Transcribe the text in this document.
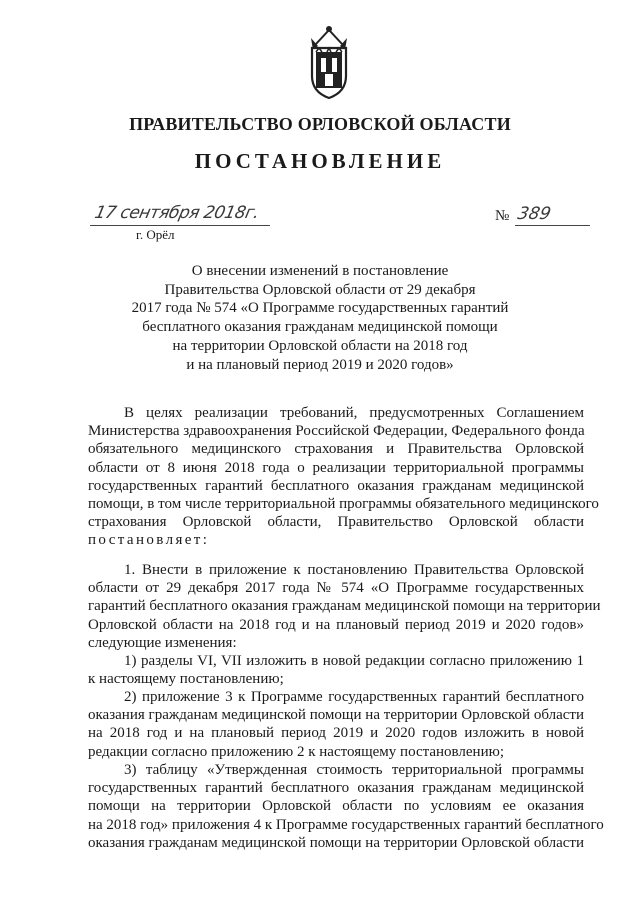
ПРАВИТЕЛЬСТВО ОРЛОВСКОЙ ОБЛАСТИ
ПОСТАНОВЛЕНИЕ
17 сентября 2018г.
г. Орёл
№ 389
О внесении изменений в постановление
Правительства Орловской области от 29 декабря
2017 года № 574 «О Программе государственных гарантий
бесплатного оказания гражданам медицинской помощи
на территории Орловской области на 2018 год
и на плановый период 2019 и 2020 годов»
В целях реализации требований, предусмотренных Соглашением
Министерства здравоохранения Российской Федерации, Федерального фонда
обязательного медицинского страхования и Правительства Орловской
области от 8 июня 2018 года о реализации территориальной программы
государственных гарантий бесплатного оказания гражданам медицинской
помощи, в том числе территориальной программы обязательного медицинского
страхования Орловской области, Правительство Орловской области
постановляет:
1. Внести в приложение к постановлению Правительства Орловской
области от 29 декабря 2017 года № 574 «О Программе государственных
гарантий бесплатного оказания гражданам медицинской помощи на территории
Орловской области на 2018 год и на плановый период 2019 и 2020 годов»
следующие изменения:
1) разделы VI, VII изложить в новой редакции согласно приложению 1
к настоящему постановлению;
2) приложение 3 к Программе государственных гарантий бесплатного
оказания гражданам медицинской помощи на территории Орловской области
на 2018 год и на плановый период 2019 и 2020 годов изложить в новой
редакции согласно приложению 2 к настоящему постановлению;
3) таблицу «Утвержденная стоимость территориальной программы
государственных гарантий бесплатного оказания гражданам медицинской
помощи на территории Орловской области по условиям ее оказания
на 2018 год» приложения 4 к Программе государственных гарантий бесплатного
оказания гражданам медицинской помощи на территории Орловской области
